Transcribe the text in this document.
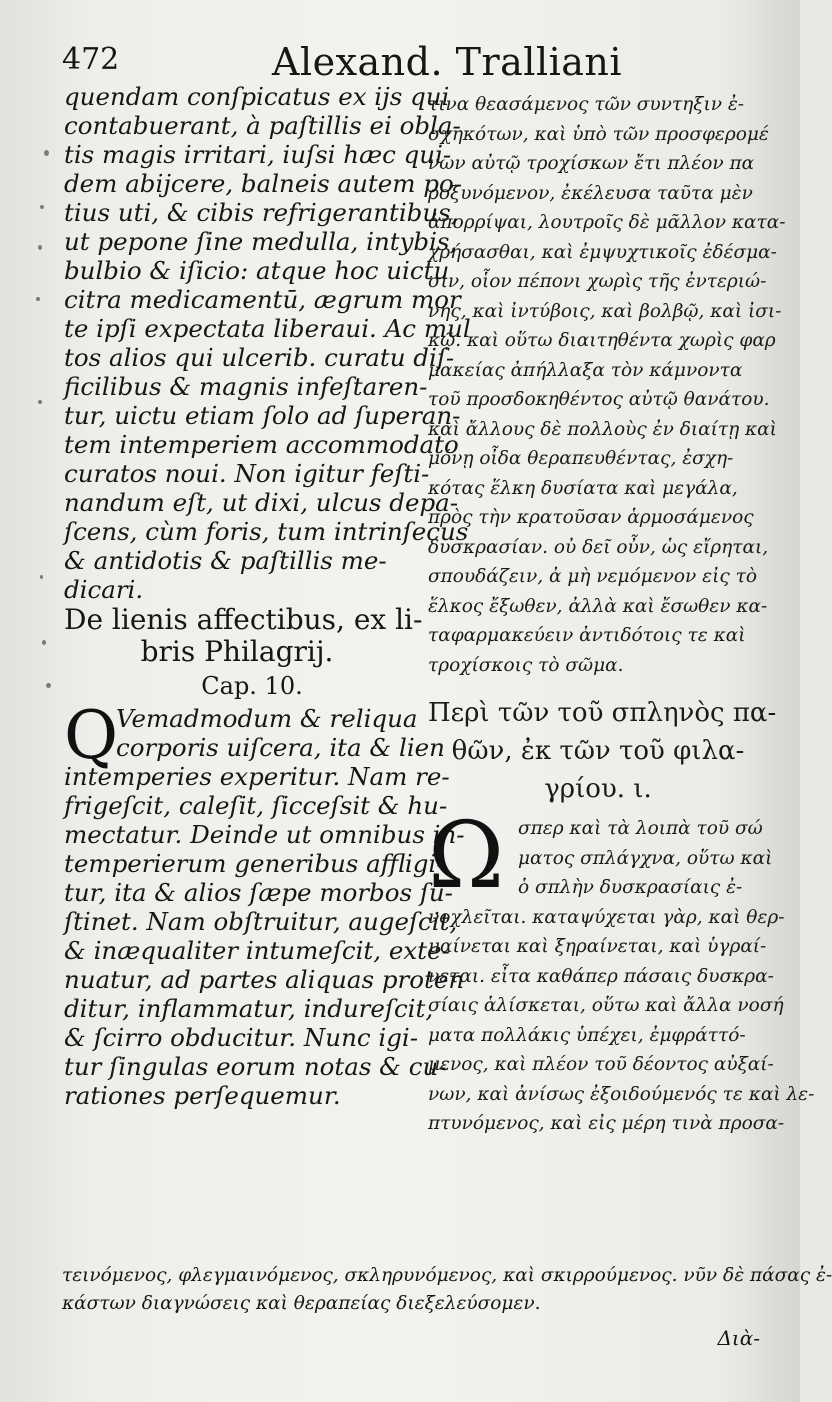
472	Alexand. Tralliani
quendam conſpicatus ex ijs qui
contabuerant, à paſtillis ei obla-
tis magis irritari, iuſsi hæc qui-
dem abijcere, balneis autem po-
tius uti, & cibis refrigerantibus,
ut pepone ſine medulla, intybis,
bulbio & iſicio: atque hoc uictu
citra medicamentū, ægrum mor
te ipſi expectata liberaui. Ac mul
tos alios qui ulcerib. curatu diſ-
ficilibus & magnis infeſtaren-
tur, uictu etiam ſolo ad ſuperan-
tem intemperiem accommodato
curatos noui. Non igitur feſti-
nandum eſt, ut dixi, ulcus depa-
ſcens, cùm foris, tum intrinſecus
& antidotis & paſtillis me-
dicari.
De lienis affectibus, ex li-
bris Philagrij.
Cap. 10.
Q
Vemadmodum & reliqua
corporis uiſcera, ita & lien
intemperies experitur. Nam re-
frigeſcit, caleſit, ſicceſsit & hu-
mectatur. Deinde ut omnibus in-
temperierum generibus affligi-
tur, ita & alios ſæpe morbos ſu-
ſtinet. Nam obſtruitur, augeſcit,
& inæqualiter intumeſcit, exte-
nuatur, ad partes aliquas proten
ditur, inflammatur, indureſcit,
& ſcirro obducitur. Nunc igi-
tur ſingulas eorum notas & cu-
rationes perſequemur.
τινα θεασάμενος τῶν συντηξιν ἐ-
σχηκότων, καὶ ὑπὸ τῶν προσφερομέ
νων αὐτῷ τροχίσκων ἔτι πλέον πα
ροξυνόμενον, ἐκέλευσα ταῦτα μὲν
ἀπορρίψαι, λουτροῖς δὲ μᾶλλον κατα-
χρήσασθαι, καὶ ἐμψυχτικοῖς ἐδέσμα-
σιν, οἷον πέπονι χωρὶς τῆς ἐντεριώ-
νης, καὶ ἰντύβοις, καὶ βολβῷ, καὶ ἰσι-
κῷ. καὶ οὕτω διαιτηθέντα χωρὶς φαρ
μακείας ἀπήλλαξα τὸν κάμνοντα
τοῦ προσδοκηθέντος αὐτῷ θανάτου.
καὶ ἄλλους δὲ πολλοὺς ἐν διαίτῃ καὶ
μόνῃ οἶδα θεραπευθέντας, ἐσχη-
κότας ἕλκη δυσίατα καὶ μεγάλα,
πρὸς τὴν κρατοῦσαν ἁρμοσάμενος
δυσκρασίαν. οὐ δεῖ οὖν, ὡς εἴρηται,
σπουδάζειν, ἀ μὴ νεμόμενον εἰς τὸ
ἕλκος ἔξωθεν, ἀλλὰ καὶ ἔσωθεν κα-
ταφαρμακεύειν ἀντιδότοις τε καὶ
τροχίσκοις τὸ σῶμα.
Περὶ τῶν τοῦ σπληνὸς πα-
θῶν, ἐκ τῶν τοῦ φιλα-
γρίου. ι.
Ω σπερ καὶ τὰ λοιπὰ τοῦ σώ
ματος σπλάγχνα, οὕτω καὶ
ὁ σπλὴν δυσκρασίαις ἐ-
νοχλεῖται. καταψύχεται γὰρ, καὶ θερ-
μαίνεται καὶ ξηραίνεται, καὶ ὑγραί-
νεται. εἶτα καθάπερ πάσαις δυσκρα-
σίαις ἁλίσκεται, οὕτω καὶ ἄλλα νοσή
ματα πολλάκις ὑπέχει, ἐμφράττό-
μενος, καὶ πλέον τοῦ δέοντος αὐξαί-
νων, καὶ ἀνίσως ἐξοιδούμενός τε καὶ λε-
πτυνόμενος, καὶ εἰς μέρη τινὰ προσα-
τεινόμενος, φλεγμαινόμενος, σκληρυνόμενος, καὶ σκιρρούμενος. νῦν δὲ πάσας ἐ-
κάστων διαγνώσεις καὶ θεραπείας διεξελεύσομεν.
Διὰ-
